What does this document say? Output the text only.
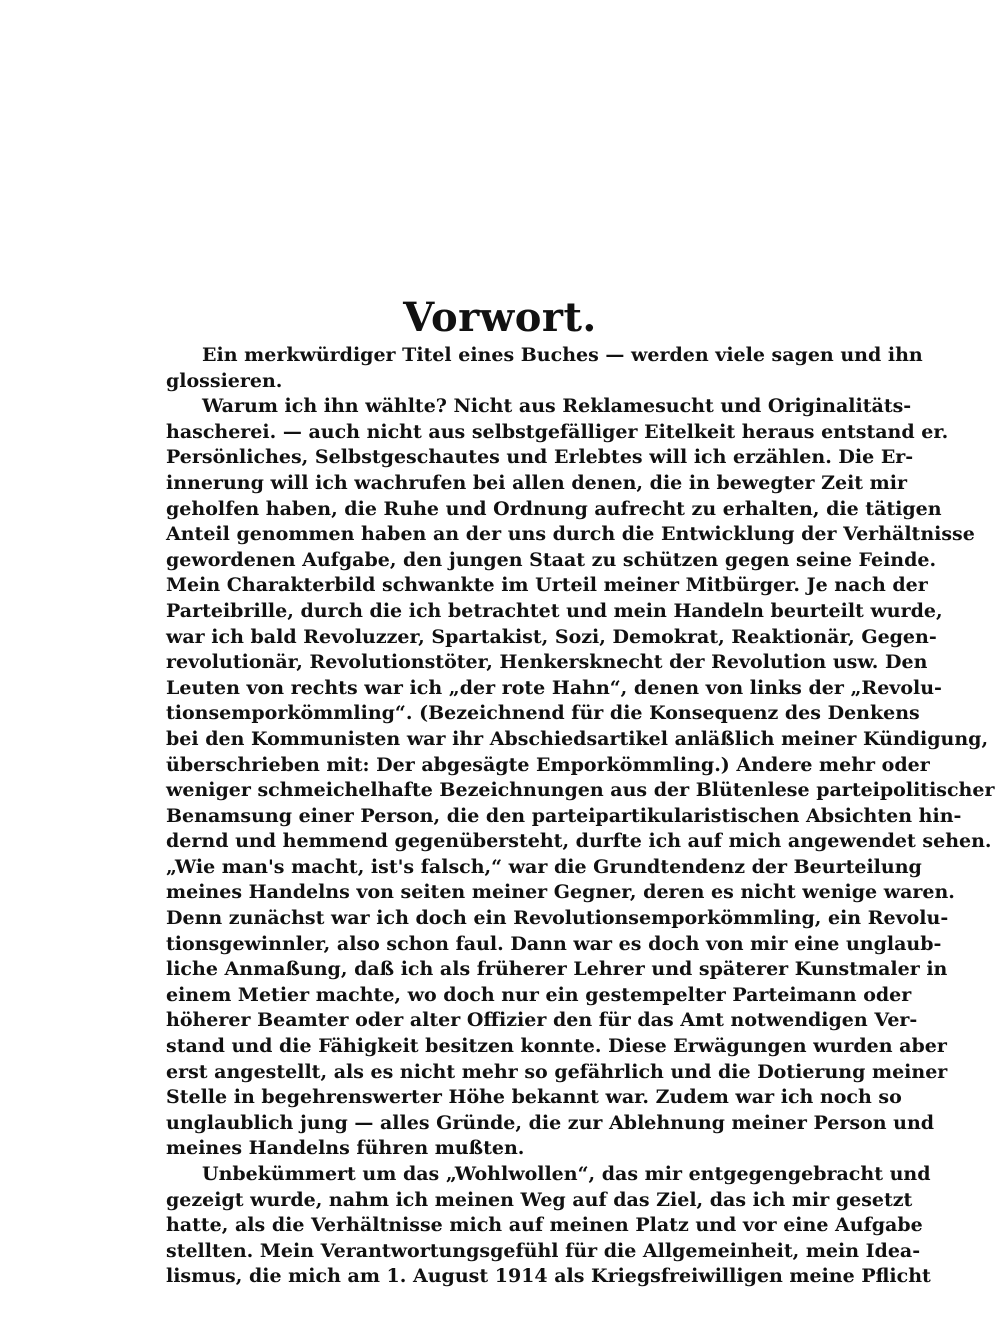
Vorwort.
Ein merkwürdiger Titel eines Buches — werden viele sagen und ihn
glossieren.
Warum ich ihn wählte? Nicht aus Reklamesucht und Originalitäts-
hascherei. — auch nicht aus selbstgefälliger Eitelkeit heraus entstand er.
Persönliches, Selbstgeschautes und Erlebtes will ich erzählen. Die Er-
innerung will ich wachrufen bei allen denen, die in bewegter Zeit mir
geholfen haben, die Ruhe und Ordnung aufrecht zu erhalten, die tätigen
Anteil genommen haben an der uns durch die Entwicklung der Verhältnisse
gewordenen Aufgabe, den jungen Staat zu schützen gegen seine Feinde.
Mein Charakterbild schwankte im Urteil meiner Mitbürger. Je nach der
Parteibrille, durch die ich betrachtet und mein Handeln beurteilt wurde,
war ich bald Revoluzzer, Spartakist, Sozi, Demokrat, Reaktionär, Gegen-
revolutionär, Revolutionstöter, Henkersknecht der Revolution usw. Den
Leuten von rechts war ich „der rote Hahn“, denen von links der „Revolu-
tionsemporkömmling“. (Bezeichnend für die Konsequenz des Denkens
bei den Kommunisten war ihr Abschiedsartikel anläßlich meiner Kündigung,
überschrieben mit: Der abgesägte Emporkömmling.) Andere mehr oder
weniger schmeichelhafte Bezeichnungen aus der Blütenlese parteipolitischer
Benamsung einer Person, die den parteipartikularistischen Absichten hin-
dernd und hemmend gegenübersteht, durfte ich auf mich angewendet sehen.
„Wie man's macht, ist's falsch,“ war die Grundtendenz der Beurteilung
meines Handelns von seiten meiner Gegner, deren es nicht wenige waren.
Denn zunächst war ich doch ein Revolutionsemporkömmling, ein Revolu-
tionsgewinnler, also schon faul. Dann war es doch von mir eine unglaub-
liche Anmaßung, daß ich als früherer Lehrer und späterer Kunstmaler in
einem Metier machte, wo doch nur ein gestempelter Parteimann oder
höherer Beamter oder alter Offizier den für das Amt notwendigen Ver-
stand und die Fähigkeit besitzen konnte. Diese Erwägungen wurden aber
erst angestellt, als es nicht mehr so gefährlich und die Dotierung meiner
Stelle in begehrenswerter Höhe bekannt war. Zudem war ich noch so
unglaublich jung — alles Gründe, die zur Ablehnung meiner Person und
meines Handelns führen mußten.
Unbekümmert um das „Wohlwollen“, das mir entgegengebracht und
gezeigt wurde, nahm ich meinen Weg auf das Ziel, das ich mir gesetzt
hatte, als die Verhältnisse mich auf meinen Platz und vor eine Aufgabe
stellten. Mein Verantwortungsgefühl für die Allgemeinheit, mein Idea-
lismus, die mich am 1. August 1914 als Kriegsfreiwilligen meine Pflicht
